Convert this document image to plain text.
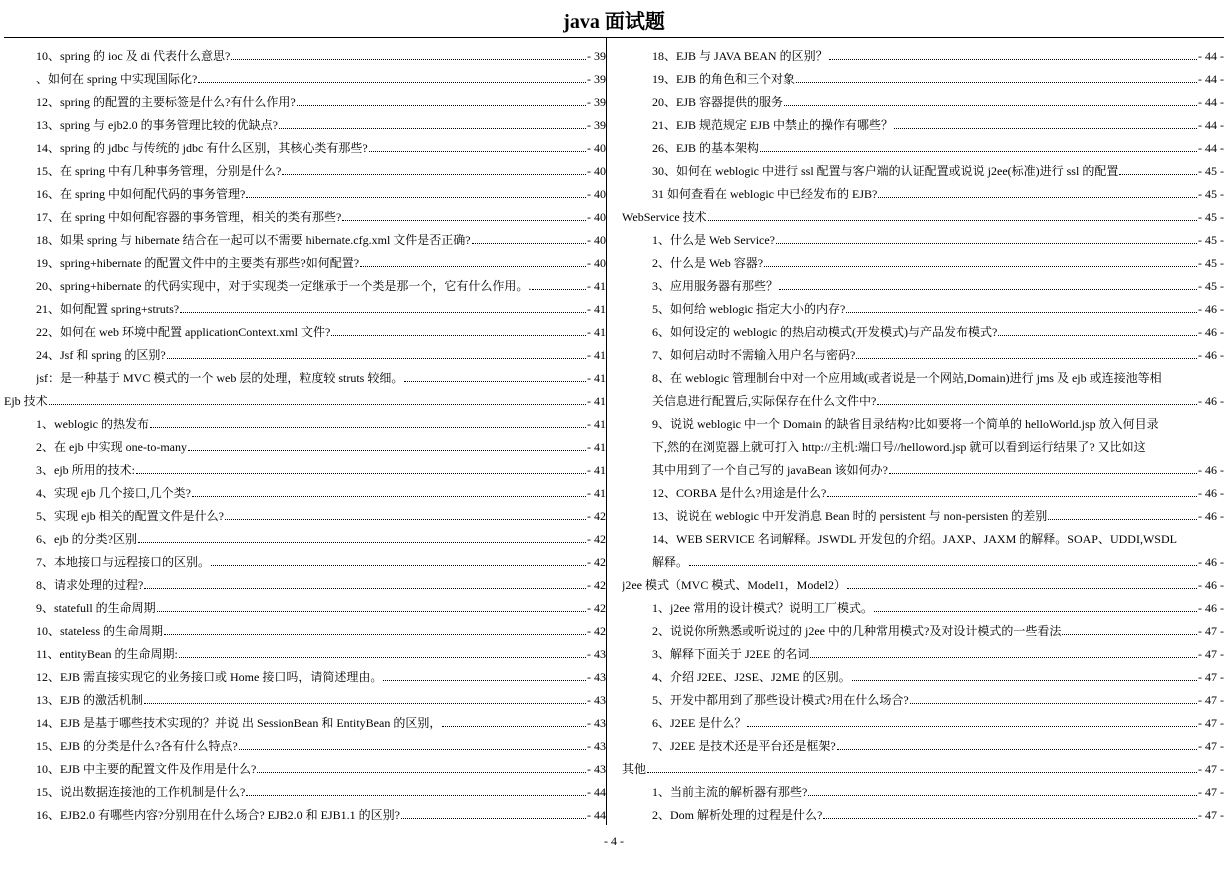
java 面试题
10、spring 的 ioc 及 di 代表什么意思?	- 39
、如何在 spring 中实现国际化?	- 39
12、spring 的配置的主要标签是什么?有什么作用?	- 39
13、spring 与 ejb2.0 的事务管理比较的优缺点?	- 39
14、spring 的 jdbc 与传统的 jdbc 有什么区别，其核心类有那些?	- 40
15、在 spring 中有几种事务管理，分别是什么?	- 40
16、在 spring 中如何配代码的事务管理?	- 40
17、在 spring 中如何配容器的事务管理，相关的类有那些?	- 40
18、如果 spring 与 hibernate 结合在一起可以不需要 hibernate.cfg.xml 文件是否正确?	- 40
19、spring+hibernate 的配置文件中的主要类有那些?如何配置?	- 40
20、spring+hibernate 的代码实现中，对于实现类一定继承于一个类是那一个，它有什么作用。.	- 41
21、如何配置 spring+struts?	- 41
22、如何在 web 环境中配置 applicationContext.xml 文件?	- 41
24、Jsf 和 spring 的区别?	- 41
jsf：是一种基于 MVC 模式的一个 web 层的处理，粒度较 struts 较细。	- 41
Ejb 技术	- 41
1、weblogic 的热发布	- 41
2、在 ejb 中实现 one-to-many	- 41
3、ejb 所用的技术:	- 41
4、实现 ejb 几个接口,几个类?	- 41
5、实现 ejb 相关的配置文件是什么?	- 42
6、ejb 的分类?区别	- 42
7、本地接口与远程接口的区别。	- 42
8、请求处理的过程?	- 42
9、statefull 的生命周期	- 42
10、stateless 的生命周期	- 42
11、entityBean 的生命周期:	- 43
12、EJB 需直接实现它的业务接口或 Home 接口吗，请简述理由。	- 43
13、EJB 的激活机制	- 43
14、EJB 是基于哪些技术实现的？并说 出 SessionBean 和 EntityBean 的区别，	- 43
15、EJB 的分类是什么?各有什么特点?	- 43
10、EJB 中主要的配置文件及作用是什么?	- 43
15、说出数据连接池的工作机制是什么?	- 44
16、EJB2.0 有哪些内容?分别用在什么场合? EJB2.0 和 EJB1.1 的区别?	- 44
18、EJB 与 JAVA BEAN 的区别？	- 44 -
19、EJB 的角色和三个对象	- 44 -
20、EJB 容器提供的服务	- 44 -
21、EJB 规范规定 EJB 中禁止的操作有哪些？	- 44 -
26、EJB 的基本架构	- 44 -
30、如何在 weblogic 中进行 ssl 配置与客户端的认证配置或说说 j2ee(标准)进行 ssl 的配置	- 45 -
31 如何查看在 weblogic 中已经发布的 EJB?	- 45 -
WebService 技术	- 45 -
1、什么是 Web Service?	- 45 -
2、什么是 Web 容器?	- 45 -
3、应用服务器有那些？	- 45 -
5、如何给 weblogic 指定大小的内存?	- 46 -
6、如何设定的 weblogic 的热启动模式(开发模式)与产品发布模式?	- 46 -
7、如何启动时不需输入用户名与密码?	- 46 -
8、在 weblogic 管理制台中对一个应用域(或者说是一个网站,Domain)进行 jms 及 ejb 或连接池等相
关信息进行配置后,实际保存在什么文件中?	- 46 -
9、说说 weblogic 中一个 Domain 的缺省目录结构?比如要将一个简单的 helloWorld.jsp 放入何目录
下,然的在浏览器上就可打入 http://主机:端口号//helloword.jsp 就可以看到运行结果了? 又比如这
其中用到了一个自己写的 javaBean 该如何办?	- 46 -
12、CORBA 是什么?用途是什么?	- 46 -
13、说说在 weblogic 中开发消息 Bean 时的 persistent 与 non-persisten 的差别	- 46 -
14、WEB SERVICE 名词解释。JSWDL 开发包的介绍。JAXP、JAXM 的解释。SOAP、UDDI,WSDL
解释。	- 46 -
j2ee 模式（MVC 模式、Model1，Model2）	- 46 -
1、j2ee 常用的设计模式？说明工厂模式。	- 46 -
2、说说你所熟悉或听说过的 j2ee 中的几种常用模式?及对设计模式的一些看法	- 47 -
3、解释下面关于 J2EE 的名词	- 47 -
4、介绍 J2EE、J2SE、J2ME 的区别。	- 47 -
5、开发中都用到了那些设计模式?用在什么场合?	- 47 -
6、J2EE 是什么？	- 47 -
7、J2EE 是技术还是平台还是框架?	- 47 -
其他	- 47 -
1、当前主流的解析器有那些?	- 47 -
2、Dom 解析处理的过程是什么?	- 47 -
- 4 -
